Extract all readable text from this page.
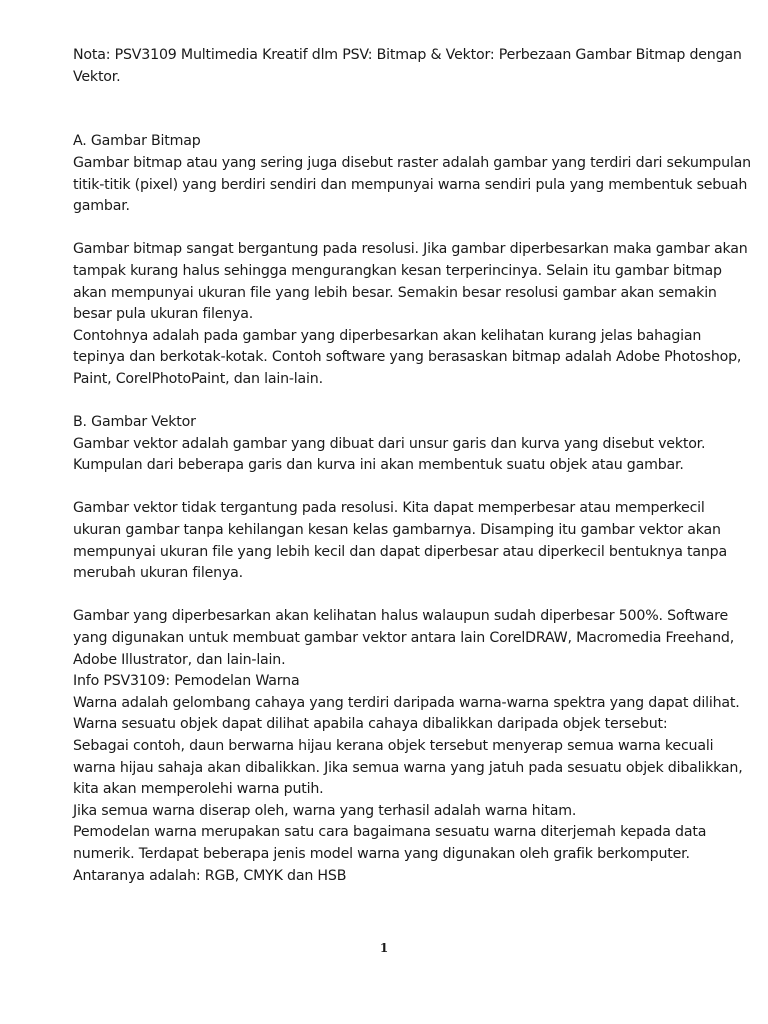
Nota: PSV3109 Multimedia Kreatif dlm PSV: Bitmap & Vektor: Perbezaan Gambar Bitmap dengan
Vektor.
A. Gambar Bitmap
Gambar bitmap atau yang sering juga disebut raster adalah gambar yang terdiri dari sekumpulan
titik-titik (pixel) yang berdiri sendiri dan mempunyai warna sendiri pula yang membentuk sebuah
gambar.
Gambar bitmap sangat bergantung pada resolusi. Jika gambar diperbesarkan maka gambar akan
tampak kurang halus sehingga mengurangkan kesan terperincinya. Selain itu gambar bitmap
akan mempunyai ukuran file yang lebih besar. Semakin besar resolusi gambar akan semakin
besar pula ukuran filenya.
Contohnya adalah pada gambar yang diperbesarkan akan kelihatan kurang jelas bahagian
tepinya dan berkotak-kotak. Contoh software yang berasaskan bitmap adalah Adobe Photoshop,
Paint, CorelPhotoPaint, dan lain-lain.
B. Gambar Vektor
Gambar vektor adalah gambar yang dibuat dari unsur garis dan kurva yang disebut vektor.
Kumpulan dari beberapa garis dan kurva ini akan membentuk suatu objek atau gambar.
Gambar vektor tidak tergantung pada resolusi. Kita dapat memperbesar atau memperkecil
ukuran gambar tanpa kehilangan kesan kelas gambarnya. Disamping itu gambar vektor akan
mempunyai ukuran file yang lebih kecil dan dapat diperbesar atau diperkecil bentuknya tanpa
merubah ukuran filenya.
Gambar yang diperbesarkan akan kelihatan halus walaupun sudah diperbesar 500%. Software
yang digunakan untuk membuat gambar vektor antara lain CorelDRAW, Macromedia Freehand,
Adobe Illustrator, dan lain-lain.
Info PSV3109: Pemodelan Warna
Warna adalah gelombang cahaya yang terdiri daripada warna-warna spektra yang dapat dilihat.
Warna sesuatu objek dapat dilihat apabila cahaya dibalikkan daripada objek tersebut:
Sebagai contoh, daun berwarna hijau kerana objek tersebut menyerap semua warna kecuali
warna hijau sahaja akan dibalikkan. Jika semua warna yang jatuh pada sesuatu objek dibalikkan,
kita akan memperolehi warna putih.
Jika semua warna diserap oleh, warna yang terhasil adalah warna hitam.
Pemodelan warna merupakan satu cara bagaimana sesuatu warna diterjemah kepada data
numerik. Terdapat beberapa jenis model warna yang digunakan oleh grafik berkomputer.
Antaranya adalah: RGB, CMYK dan HSB
1
